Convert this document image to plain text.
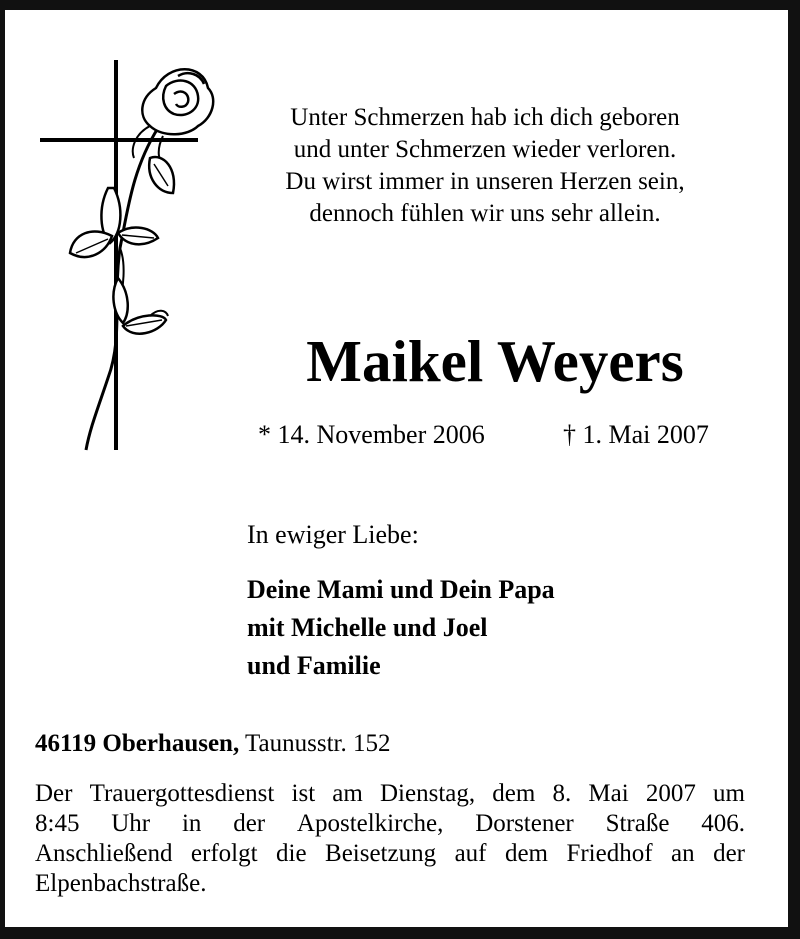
Unter Schmerzen hab ich dich geboren
und unter Schmerzen wieder verloren.
Du wirst immer in unseren Herzen sein,
dennoch fühlen wir uns sehr allein.
Maikel Weyers
* 14. November 2006	† 1. Mai 2007
In ewiger Liebe:
Deine Mami und Dein Papa
mit Michelle und Joel
und Familie
46119 Oberhausen, Taunusstr. 152
Der Trauergottesdienst ist am Dienstag, dem 8. Mai 2007 um
8:45 Uhr in der Apostelkirche, Dorstener Straße 406.
Anschließend erfolgt die Beisetzung auf dem Friedhof an der
Elpenbachstraße.
